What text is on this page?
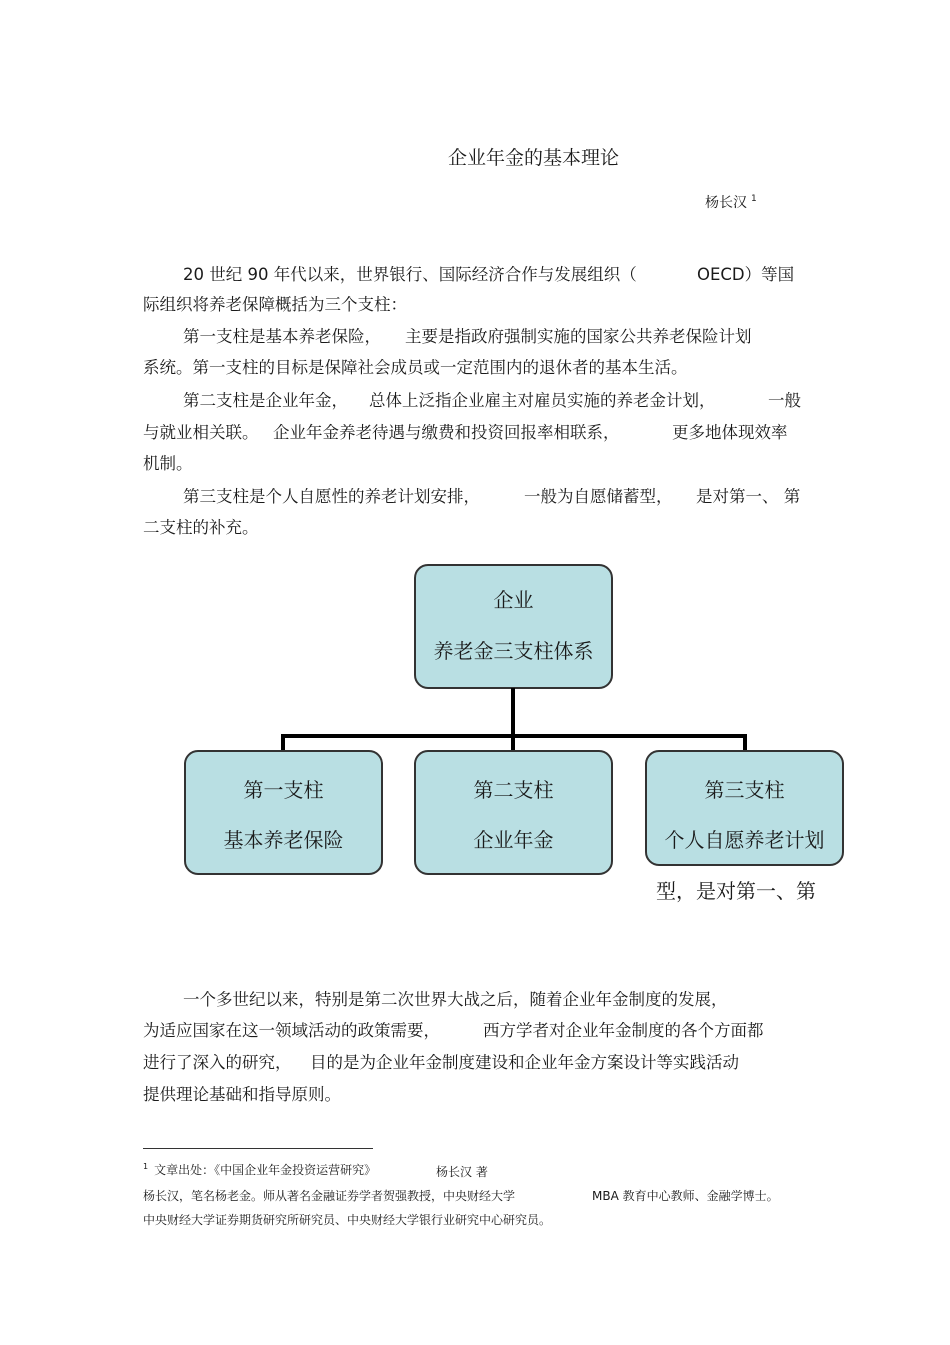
企业年金的基本理论
杨长汉 $^1$
20 世纪 90 年代以来，世界银行、国际经济合作与发展组织（	OECD）等国
际组织将养老保障概括为三个支柱：
第一支柱是基本养老保险， 主要是指政府强制实施的国家公共养老保险计划
系统。第一支柱的目标是保障社会成员或一定范围内的退休者的基本生活。
第二支柱是企业年金， 总体上泛指企业雇主对雇员实施的养老金计划，	一般
与就业相关联。 企业年金养老待遇与缴费和投资回报率相联系，	更多地体现效率
机制。
第三支柱是个人自愿性的养老计划安排，	一般为自愿储蓄型， 是对第一、 第
二支柱的补充。
企业
养老金三支柱体系
第一支柱
基本养老保险
第二支柱
企业年金
第三支柱
个人自愿养老计划
型，是对第一、第
一个多世纪以来，特别是第二次世界大战之后，随着企业年金制度的发展，
为适应国家在这一领域活动的政策需要，	西方学者对企业年金制度的各个方面都
进行了深入的研究， 目的是为企业年金制度建设和企业年金方案设计等实践活动
提供理论基础和指导原则。
$^1$ 文章出处：《中国企业年金投资运营研究》	杨长汉 著
杨长汉，笔名杨老金。师从著名金融证券学者贺强教授，中央财经大学	MBA 教育中心教师、金融学博士。
中央财经大学证券期货研究所研究员、中央财经大学银行业研究中心研究员。
